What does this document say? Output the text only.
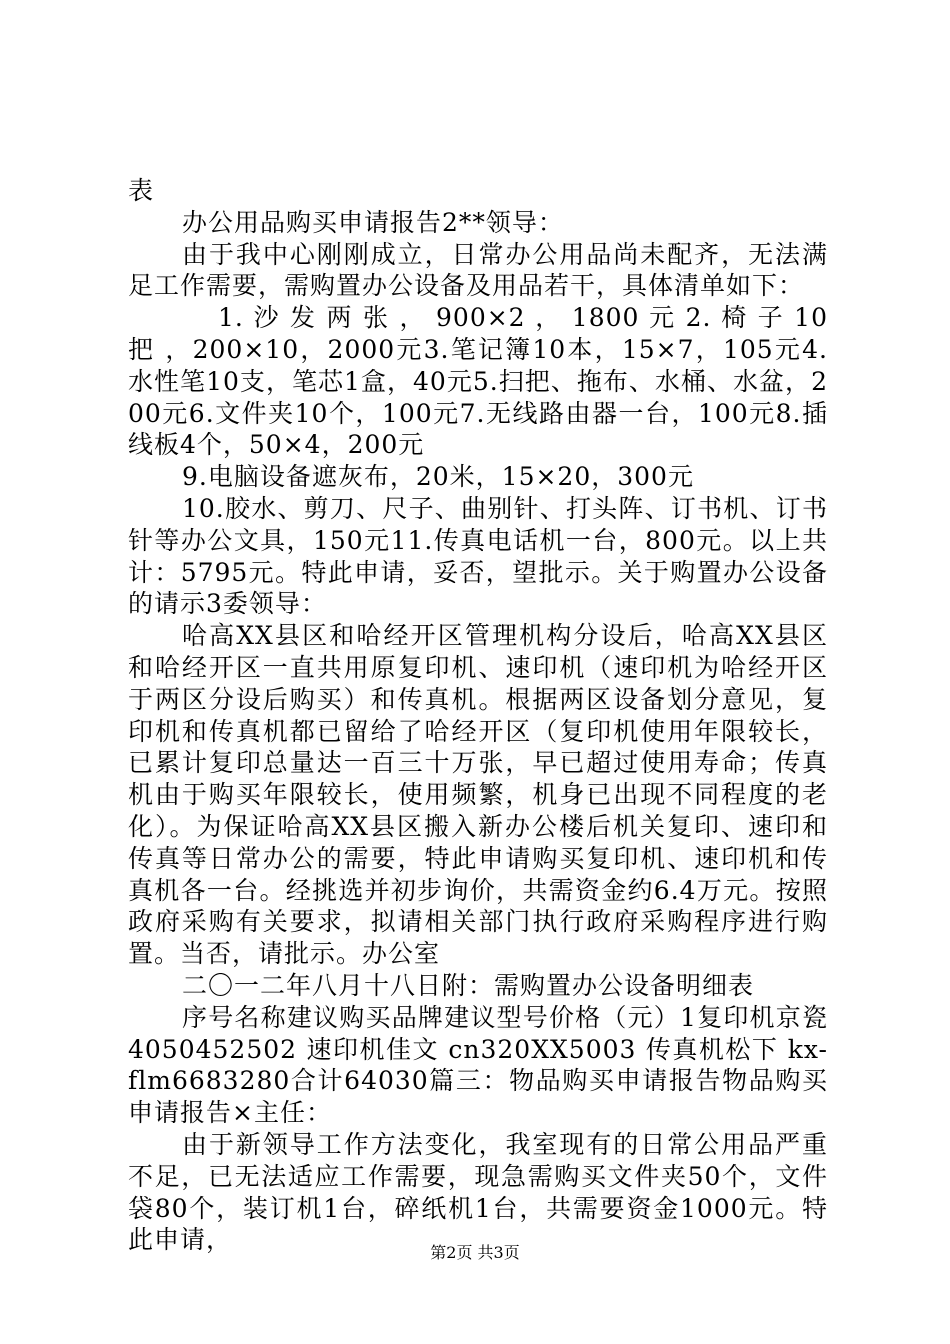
表

办公用品购买申请报告2**领导：

由于我中心刚刚成立，日常办公用品尚未配齐，无法满足工作需要，需购置办公设备及用品若干，具体清单如下：

1. 沙 发 两 张 ， 900×2 ， 1800 元 2. 椅 子 10 把 ，200×10，2000元3.笔记簿10本，15×7，105元4.水性笔10支，笔芯1盒，40元5.扫把、拖布、水桶、水盆，200元6.文件夹10个，100元7.无线路由器一台，100元8.插线板4个，50×4，200元

9.电脑设备遮灰布，20米，15×20，300元

10.胶水、剪刀、尺子、曲别针、打头阵、订书机、订书针等办公文具，150元11.传真电话机一台，800元。以上共计：5795元。特此申请，妥否，望批示。关于购置办公设备的请示3委领导：

哈高XX县区和哈经开区管理机构分设后，哈高XX县区和哈经开区一直共用原复印机、速印机（速印机为哈经开区于两区分设后购买）和传真机。根据两区设备划分意见，复印机和传真机都已留给了哈经开区（复印机使用年限较长，已累计复印总量达一百三十万张，早已超过使用寿命；传真机由于购买年限较长，使用频繁，机身已出现不同程度的老化）。为保证哈高XX县区搬入新办公楼后机关复印、速印和传真等日常办公的需要，特此申请购买复印机、速印机和传真机各一台。经挑选并初步询价，共需资金约6.4万元。按照政府采购有关要求，拟请相关部门执行政府采购程序进行购置。当否，请批示。办公室

二〇一二年八月十八日附：需购置办公设备明细表

序号名称建议购买品牌建议型号价格（元）1复印机京瓷4050452502 速印机佳文 cn320XX5003 传真机松下 kx-flm6683280合计64030篇三：物品购买申请报告物品购买申请报告×主任：

由于新领导工作方法变化，我室现有的日常公用品严重不足，已无法适应工作需要，现急需购买文件夹50个，文件袋80个，装订机1台，碎纸机1台，共需要资金1000元。特此申请，	第2页 共3页
